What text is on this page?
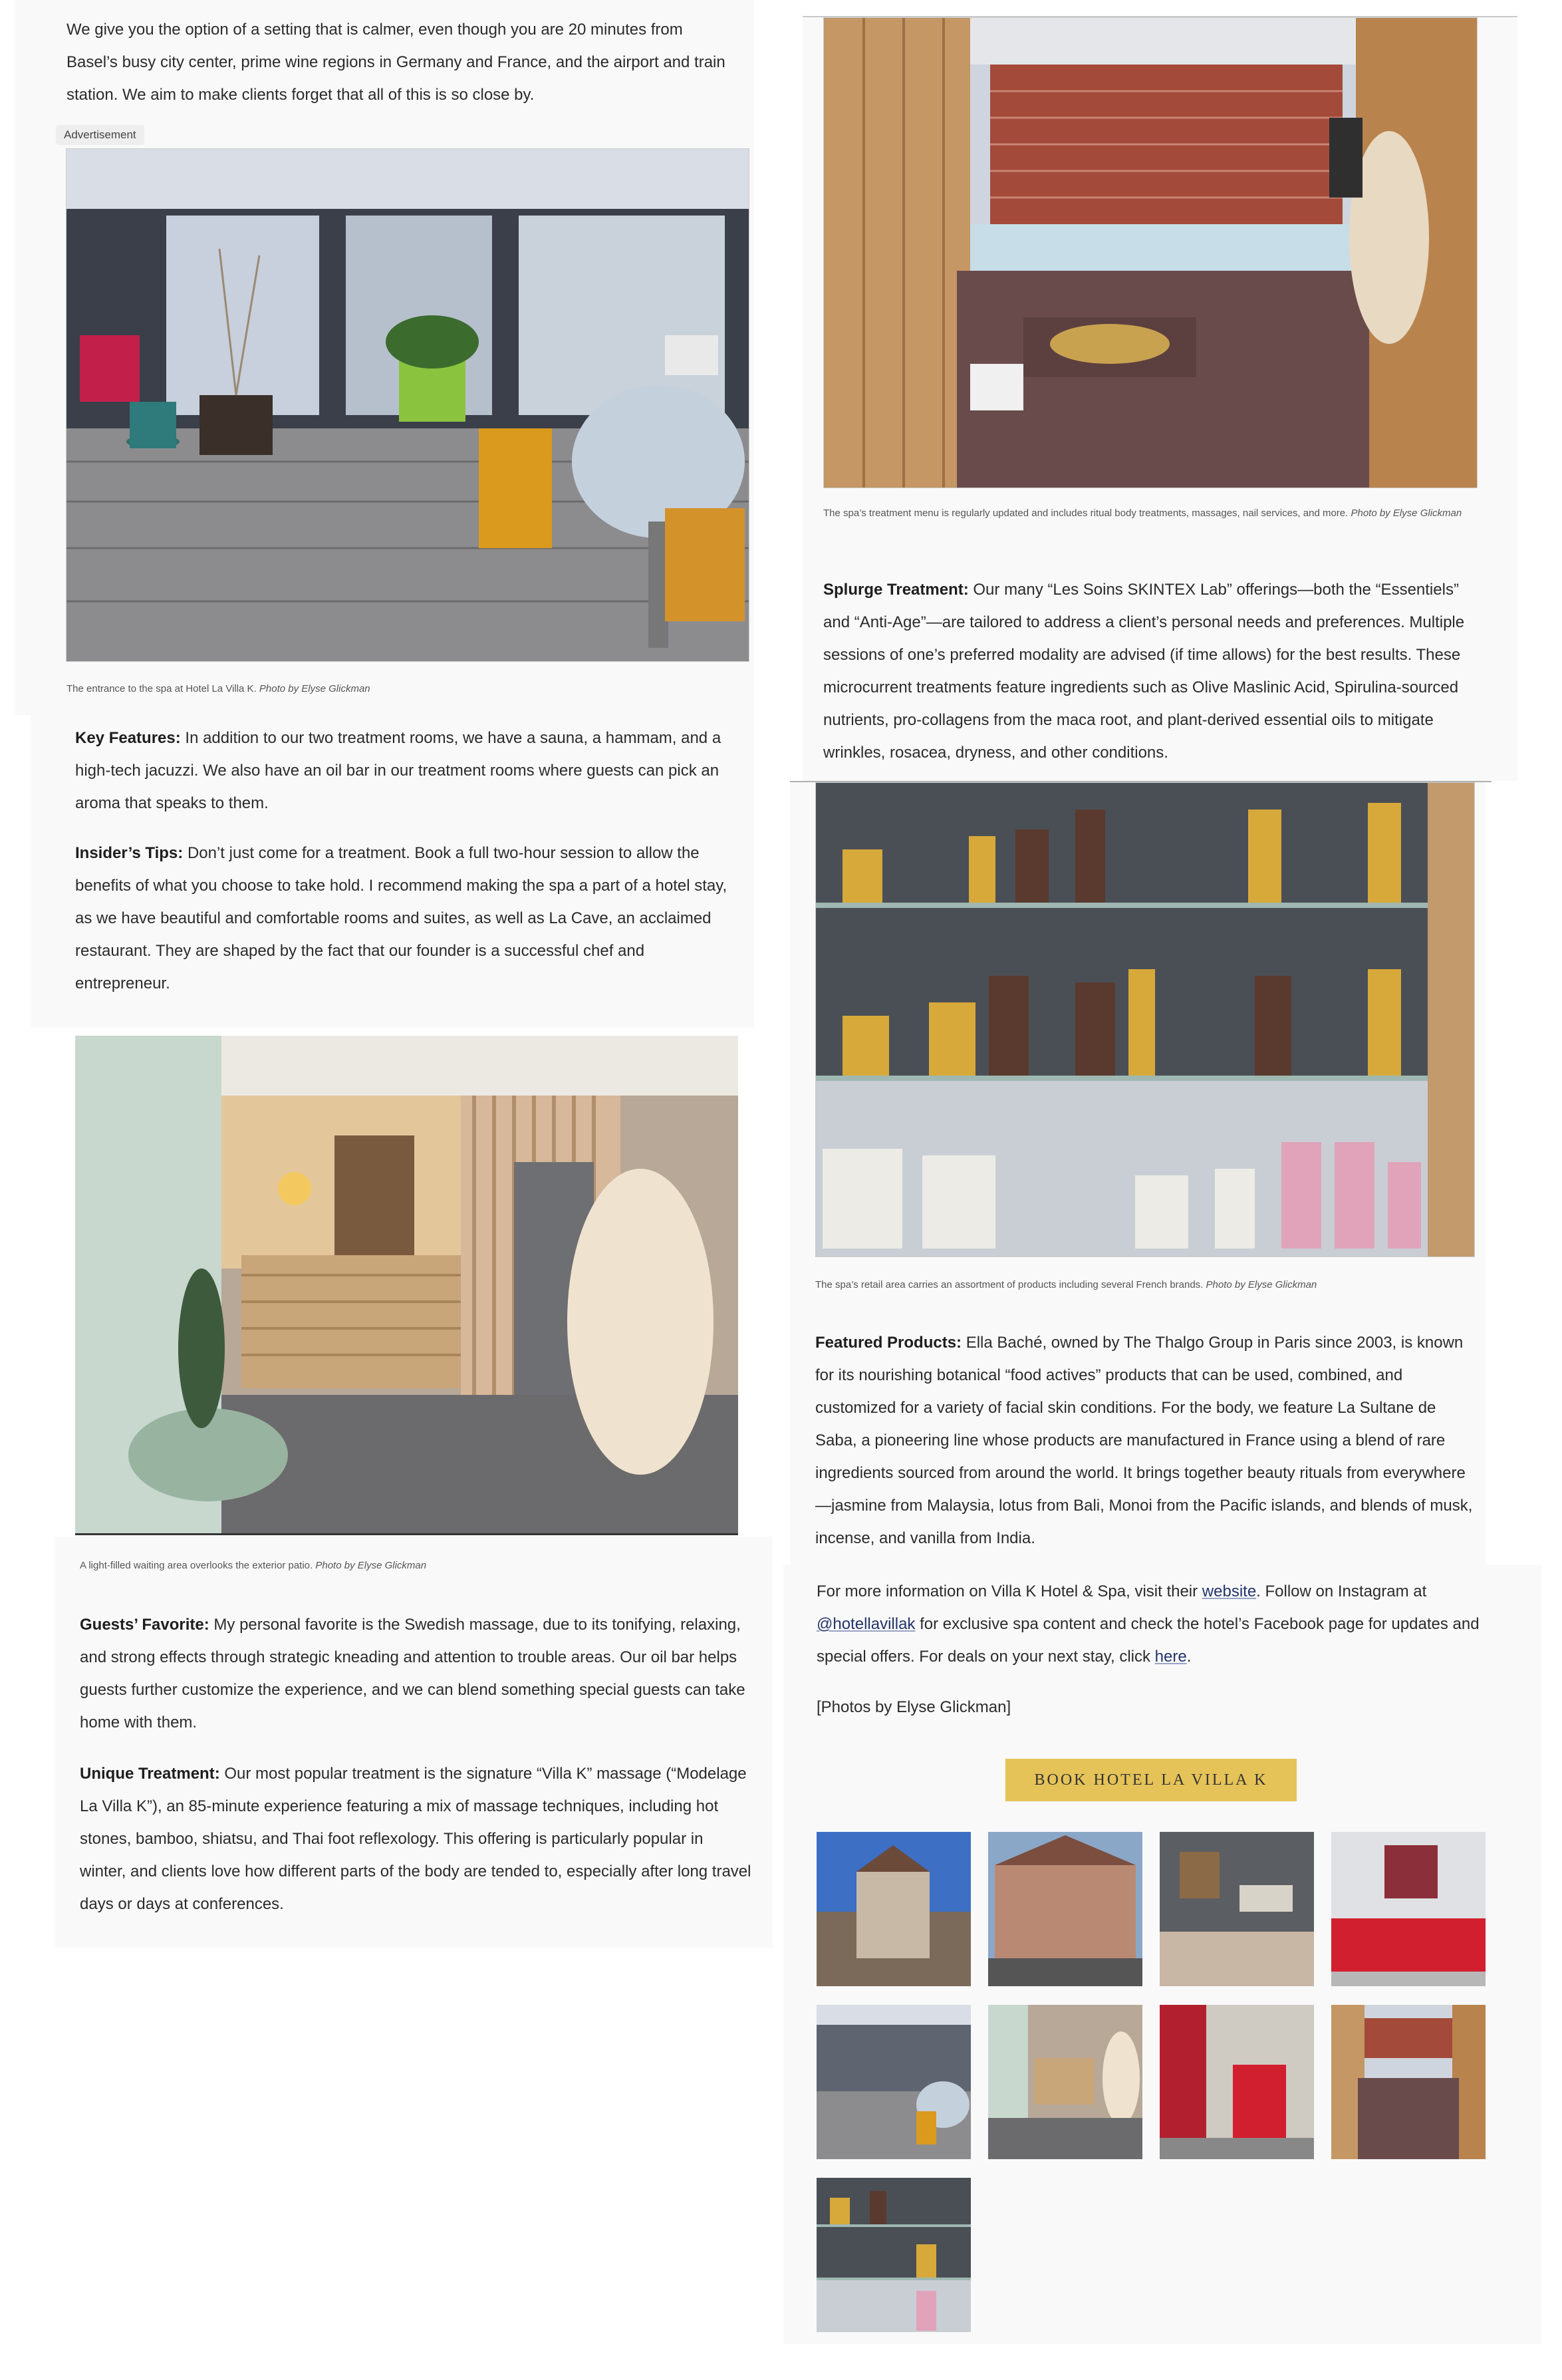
We give you the option of a setting that is calmer, even though you are 20 minutes from Basel’s busy city center, prime wine regions in Germany and France, and the airport and train station. We aim to make clients forget that all of this is so close by.

Advertisement

The entrance to the spa at Hotel La Villa K. Photo by Elyse Glickman

Key Features: In addition to our two treatment rooms, we have a sauna, a hammam, and a high-tech jacuzzi. We also have an oil bar in our treatment rooms where guests can pick an aroma that speaks to them.

Insider’s Tips: Don’t just come for a treatment. Book a full two-hour session to allow the benefits of what you choose to take hold. I recommend making the spa a part of a hotel stay, as we have beautiful and comfortable rooms and suites, as well as La Cave, an acclaimed restaurant. They are shaped by the fact that our founder is a successful chef and entrepreneur.

A light-filled waiting area overlooks the exterior patio. Photo by Elyse Glickman

Guests’ Favorite: My personal favorite is the Swedish massage, due to its tonifying, relaxing, and strong effects through strategic kneading and attention to trouble areas. Our oil bar helps guests further customize the experience, and we can blend something special guests can take home with them.

Unique Treatment: Our most popular treatment is the signature “Villa K” massage (“Modelage La Villa K”), an 85-minute experience featuring a mix of massage techniques, including hot stones, bamboo, shiatsu, and Thai foot reflexology. This offering is particularly popular in winter, and clients love how different parts of the body are tended to, especially after long travel days or days at conferences.

The spa’s treatment menu is regularly updated and includes ritual body treatments, massages, nail services, and more. Photo by Elyse Glickman

Splurge Treatment: Our many “Les Soins SKINTEX Lab” offerings—both the “Essentiels” and “Anti-Age”—are tailored to address a client’s personal needs and preferences. Multiple sessions of one’s preferred modality are advised (if time allows) for the best results. These microcurrent treatments feature ingredients such as Olive Maslinic Acid, Spirulina-sourced nutrients, pro-collagens from the maca root, and plant-derived essential oils to mitigate wrinkles, rosacea, dryness, and other conditions.

The spa’s retail area carries an assortment of products including several French brands. Photo by Elyse Glickman

Featured Products: Ella Baché, owned by The Thalgo Group in Paris since 2003, is known for its nourishing botanical “food actives” products that can be used, combined, and customized for a variety of facial skin conditions. For the body, we feature La Sultane de Saba, a pioneering line whose products are manufactured in France using a blend of rare ingredients sourced from around the world. It brings together beauty rituals from everywhere—jasmine from Malaysia, lotus from Bali, Monoi from the Pacific islands, and blends of musk, incense, and vanilla from India.

For more information on Villa K Hotel & Spa, visit their website. Follow on Instagram at @hotellavillak for exclusive spa content and check the hotel’s Facebook page for updates and special offers. For deals on your next stay, click here.

[Photos by Elyse Glickman]

BOOK HOTEL LA VILLA K
